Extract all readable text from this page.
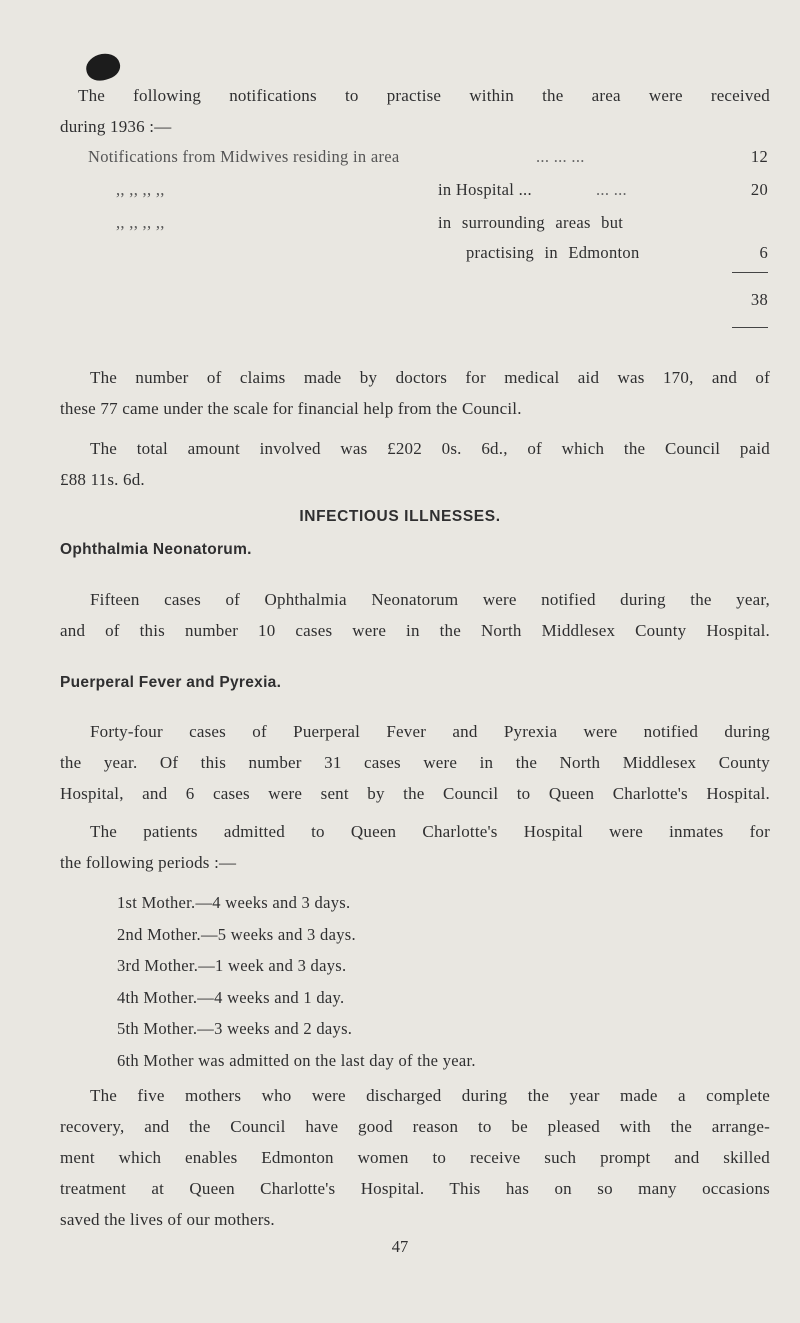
The following notifications to practise within the area were received
during 1936 :—
Notifications from Midwives residing in area	... ... ...	12
,, ,, ,, ,,	in Hospital ...	... ...	20
,, ,, ,, ,,	in surrounding areas but
practising in Edmonton	6
38
The number of claims made by doctors for medical aid was 170, and of
these 77 came under the scale for financial help from the Council.
The total amount involved was £202 0s. 6d., of which the Council paid
£88 11s. 6d.
INFECTIOUS ILLNESSES.
Ophthalmia Neonatorum.
Fifteen cases of Ophthalmia Neonatorum were notified during the year,
and of this number 10 cases were in the North Middlesex County Hospital.
Puerperal Fever and Pyrexia.
Forty-four cases of Puerperal Fever and Pyrexia were notified during
the year. Of this number 31 cases were in the North Middlesex County
Hospital, and 6 cases were sent by the Council to Queen Charlotte's Hospital.
The patients admitted to Queen Charlotte's Hospital were inmates for
the following periods :—
1st Mother.—4 weeks and 3 days.
2nd Mother.—5 weeks and 3 days.
3rd Mother.—1 week and 3 days.
4th Mother.—4 weeks and 1 day.
5th Mother.—3 weeks and 2 days.
6th Mother was admitted on the last day of the year.
The five mothers who were discharged during the year made a complete
recovery, and the Council have good reason to be pleased with the arrange-
ment which enables Edmonton women to receive such prompt and skilled
treatment at Queen Charlotte's Hospital. This has on so many occasions
saved the lives of our mothers.
47
